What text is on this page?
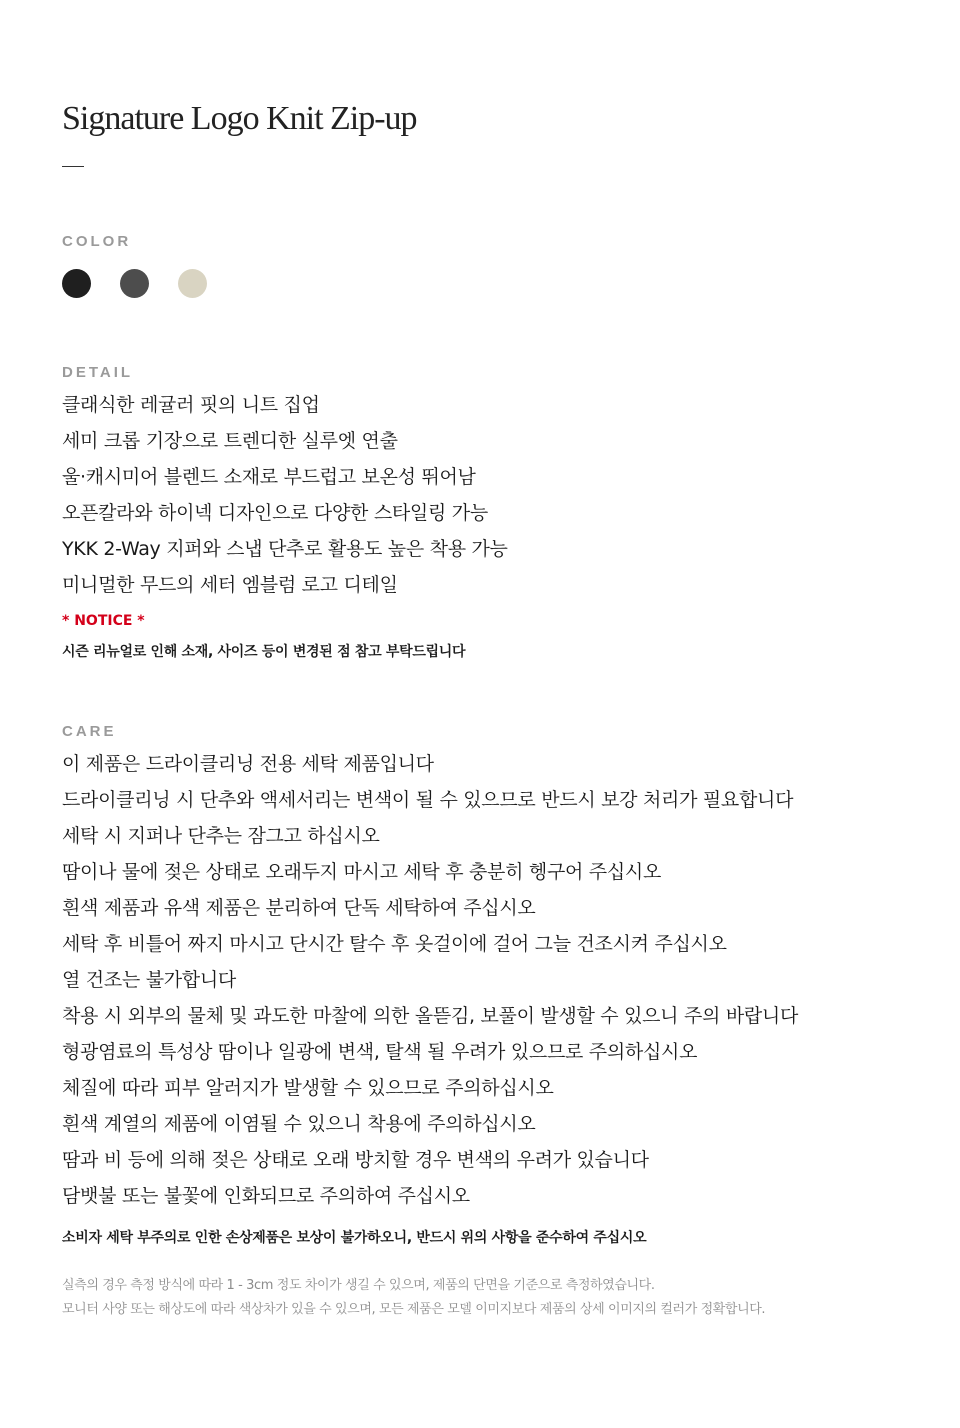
Signature Logo Knit Zip-up
COLOR
DETAIL
클래식한 레귤러 핏의 니트 집업
세미 크롭 기장으로 트렌디한 실루엣 연출
울·캐시미어 블렌드 소재로 부드럽고 보온성 뛰어남
오픈칼라와 하이넥 디자인으로 다양한 스타일링 가능
YKK 2-Way 지퍼와 스냅 단추로 활용도 높은 착용 가능
미니멀한 무드의 세터 엠블럼 로고 디테일
* NOTICE *
시즌 리뉴얼로 인해 소재, 사이즈 등이 변경된 점 참고 부탁드립니다
CARE
이 제품은 드라이클리닝 전용 세탁 제품입니다
드라이클리닝 시 단추와 액세서리는 변색이 될 수 있으므로 반드시 보강 처리가 필요합니다
세탁 시 지퍼나 단추는 잠그고 하십시오
땀이나 물에 젖은 상태로 오래두지 마시고 세탁 후 충분히 헹구어 주십시오
흰색 제품과 유색 제품은 분리하여 단독 세탁하여 주십시오
세탁 후 비틀어 짜지 마시고 단시간 탈수 후 옷걸이에 걸어 그늘 건조시켜 주십시오
열 건조는 불가합니다
착용 시 외부의 물체 및 과도한 마찰에 의한 올뜯김, 보풀이 발생할 수 있으니 주의 바랍니다
형광염료의 특성상 땀이나 일광에 변색, 탈색 될 우려가 있으므로 주의하십시오
체질에 따라 피부 알러지가 발생할 수 있으므로 주의하십시오
흰색 계열의 제품에 이염될 수 있으니 착용에 주의하십시오
땀과 비 등에 의해 젖은 상태로 오래 방치할 경우 변색의 우려가 있습니다
담뱃불 또는 불꽃에 인화되므로 주의하여 주십시오
소비자 세탁 부주의로 인한 손상제품은 보상이 불가하오니, 반드시 위의 사항을 준수하여 주십시오
실측의 경우 측정 방식에 따라 1 - 3cm 정도 차이가 생길 수 있으며, 제품의 단면을 기준으로 측정하였습니다.
모니터 사양 또는 해상도에 따라 색상차가 있을 수 있으며, 모든 제품은 모델 이미지보다 제품의 상세 이미지의 컬러가 정확합니다.
